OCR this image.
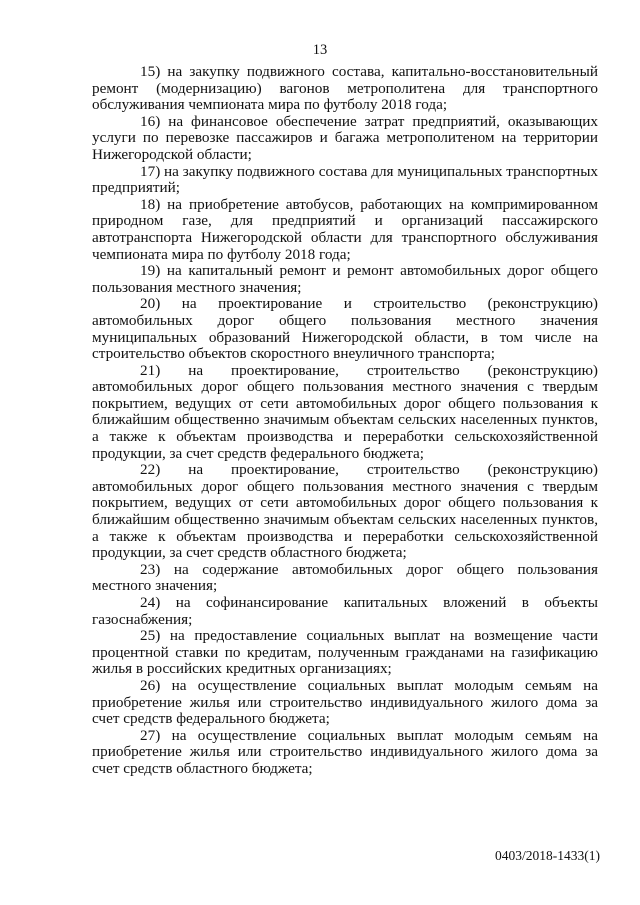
13

15) на закупку подвижного состава, капитально-восстановительный ремонт (модернизацию) вагонов метрополитена для транспортного обслуживания чемпионата мира по футболу 2018 года;

16) на финансовое обеспечение затрат предприятий, оказывающих услуги по перевозке пассажиров и багажа метрополитеном на территории Нижегородской области;

17) на закупку подвижного состава для муниципальных транспортных предприятий;

18) на приобретение автобусов, работающих на компримированном природном газе, для предприятий и организаций пассажирского автотранспорта Нижегородской области для транспортного обслуживания чемпионата мира по футболу 2018 года;

19) на капитальный ремонт и ремонт автомобильных дорог общего пользования местного значения;

20) на проектирование и строительство (реконструкцию) автомобильных дорог общего пользования местного значения муниципальных образований Нижегородской области, в том числе на строительство объектов скоростного внеуличного транспорта;

21) на проектирование, строительство (реконструкцию) автомобильных дорог общего пользования местного значения с твердым покрытием, ведущих от сети автомобильных дорог общего пользования к ближайшим общественно значимым объектам сельских населенных пунктов, а также к объектам производства и переработки сельскохозяйственной продукции, за счет средств федерального бюджета;

22) на проектирование, строительство (реконструкцию) автомобильных дорог общего пользования местного значения с твердым покрытием, ведущих от сети автомобильных дорог общего пользования к ближайшим общественно значимым объектам сельских населенных пунктов, а также к объектам производства и переработки сельскохозяйственной продукции, за счет средств областного бюджета;

23) на содержание автомобильных дорог общего пользования местного значения;

24) на софинансирование капитальных вложений в объекты газоснабжения;

25) на предоставление социальных выплат на возмещение части процентной ставки по кредитам, полученным гражданами на газификацию жилья в российских кредитных организациях;

26) на осуществление социальных выплат молодым семьям на приобретение жилья или строительство индивидуального жилого дома за счет средств федерального бюджета;

27) на осуществление социальных выплат молодым семьям на приобретение жилья или строительство индивидуального жилого дома за счет средств областного бюджета;

0403/2018-1433(1)
